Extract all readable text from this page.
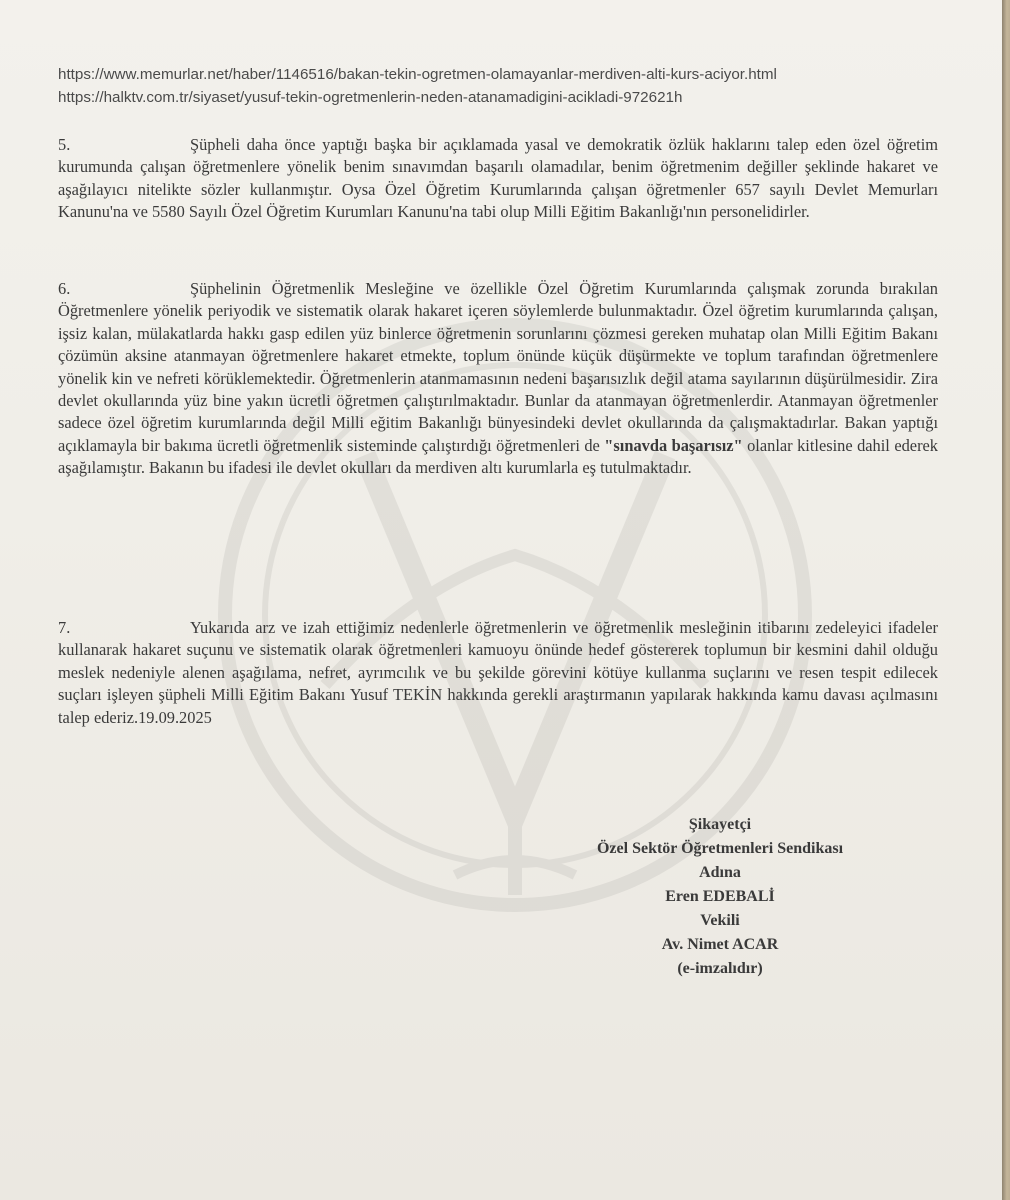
https://www.memurlar.net/haber/1146516/bakan-tekin-ogretmen-olamayanlar-merdiven-alti-kurs-aciyor.html
https://halktv.com.tr/siyaset/yusuf-tekin-ogretmenlerin-neden-atanamadigini-acikladi-972621h
5.	Şüpheli daha önce yaptığı başka bir açıklamada yasal ve demokratik özlük haklarını talep eden özel öğretim kurumunda çalışan öğretmenlere yönelik benim sınavımdan başarılı olamadılar, benim öğretmenim değiller şeklinde hakaret ve aşağılayıcı nitelikte sözler kullanmıştır. Oysa Özel Öğretim Kurumlarında çalışan öğretmenler 657 sayılı Devlet Memurları Kanunu'na ve 5580 Sayılı Özel Öğretim Kurumları Kanunu'na tabi olup Milli Eğitim Bakanlığı'nın personelidirler.

6.	Şüphelinin Öğretmenlik Mesleğine ve özellikle Özel Öğretim Kurumlarında çalışmak zorunda bırakılan Öğretmenlere yönelik periyodik ve sistematik olarak hakaret içeren söylemlerde bulunmaktadır. Özel öğretim kurumlarında çalışan, işsiz kalan, mülakatlarda hakkı gasp edilen yüz binlerce öğretmenin sorunlarını çözmesi gereken muhatap olan Milli Eğitim Bakanı çözümün aksine atanmayan öğretmenlere hakaret etmekte, toplum önünde küçük düşürmekte ve toplum tarafından öğretmenlere yönelik kin ve nefreti körüklemektedir. Öğretmenlerin atanmamasının nedeni başarısızlık değil atama sayılarının düşürülmesidir. Zira devlet okullarında yüz bine yakın ücretli öğretmen çalıştırılmaktadır. Bunlar da atanmayan öğretmenlerdir. Atanmayan öğretmenler sadece özel öğretim kurumlarında değil Milli eğitim Bakanlığı bünyesindeki devlet okullarında da çalışmaktadırlar. Bakan yaptığı açıklamayla bir bakıma ücretli öğretmenlik sisteminde çalıştırdığı öğretmenleri de "sınavda başarısız" olanlar kitlesine dahil ederek aşağılamıştır. Bakanın bu ifadesi ile devlet okulları da merdiven altı kurumlarla eş tutulmaktadır.

7.	Yukarıda arz ve izah ettiğimiz nedenlerle öğretmenlerin ve öğretmenlik mesleğinin itibarını zedeleyici ifadeler kullanarak hakaret suçunu ve sistematik olarak öğretmenleri kamuoyu önünde hedef göstererek toplumun bir kesmini dahil olduğu meslek nedeniyle alenen aşağılama, nefret, ayrımcılık ve bu şekilde görevini kötüye kullanma suçlarını ve resen tespit edilecek suçları işleyen şüpheli Milli Eğitim Bakanı Yusuf TEKİN hakkında gerekli araştırmanın yapılarak hakkında kamu davası açılmasını talep ederiz.19.09.2025

Şikayetçi
Özel Sektör Öğretmenleri Sendikası
Adına
Eren EDEBALİ
Vekili
Av. Nimet ACAR
(e-imzalıdır)
